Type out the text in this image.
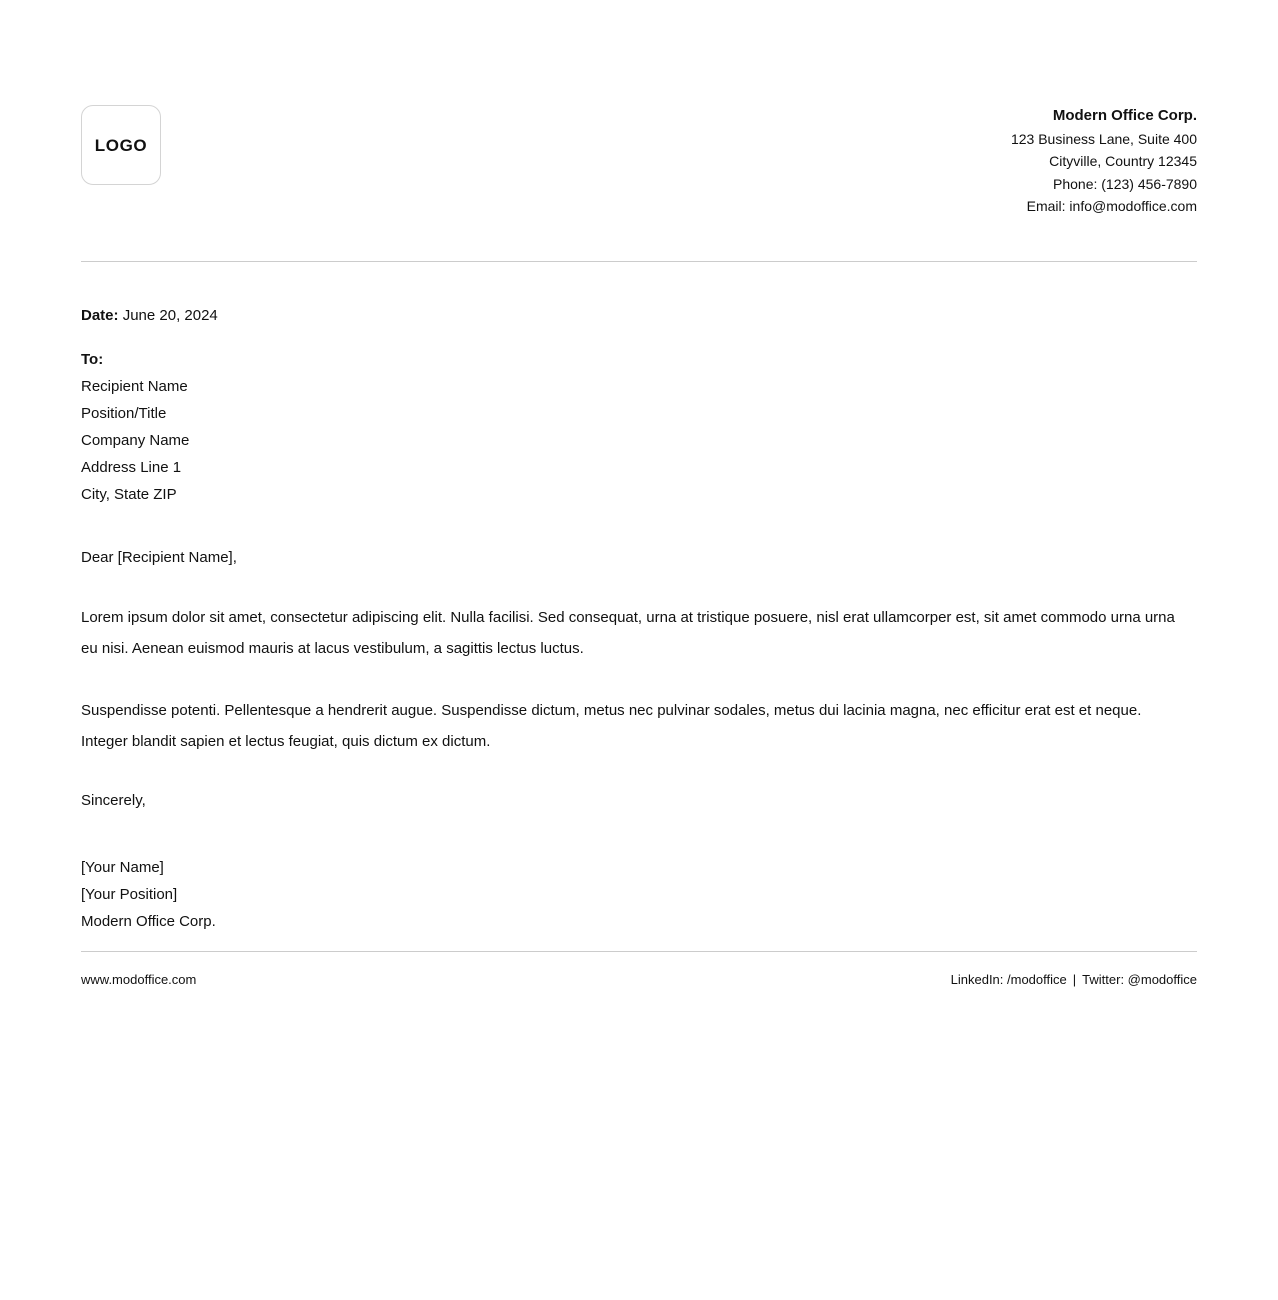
LOGO
Modern Office Corp.
123 Business Lane, Suite 400
Cityville, Country 12345
Phone: (123) 456-7890
Email: info@modoffice.com
Date: June 20, 2024
To:
Recipient Name
Position/Title
Company Name
Address Line 1
City, State ZIP
Dear [Recipient Name],
Lorem ipsum dolor sit amet, consectetur adipiscing elit. Nulla facilisi. Sed consequat, urna at tristique posuere, nisl erat ullamcorper est, sit amet commodo urna urna eu nisi. Aenean euismod mauris at lacus vestibulum, a sagittis lectus luctus.
Suspendisse potenti. Pellentesque a hendrerit augue. Suspendisse dictum, metus nec pulvinar sodales, metus dui lacinia magna, nec efficitur erat est et neque. Integer blandit sapien et lectus feugiat, quis dictum ex dictum.
Sincerely,
[Your Name]
[Your Position]
Modern Office Corp.
www.modoffice.com	LinkedIn: /modoffice | Twitter: @modoffice
